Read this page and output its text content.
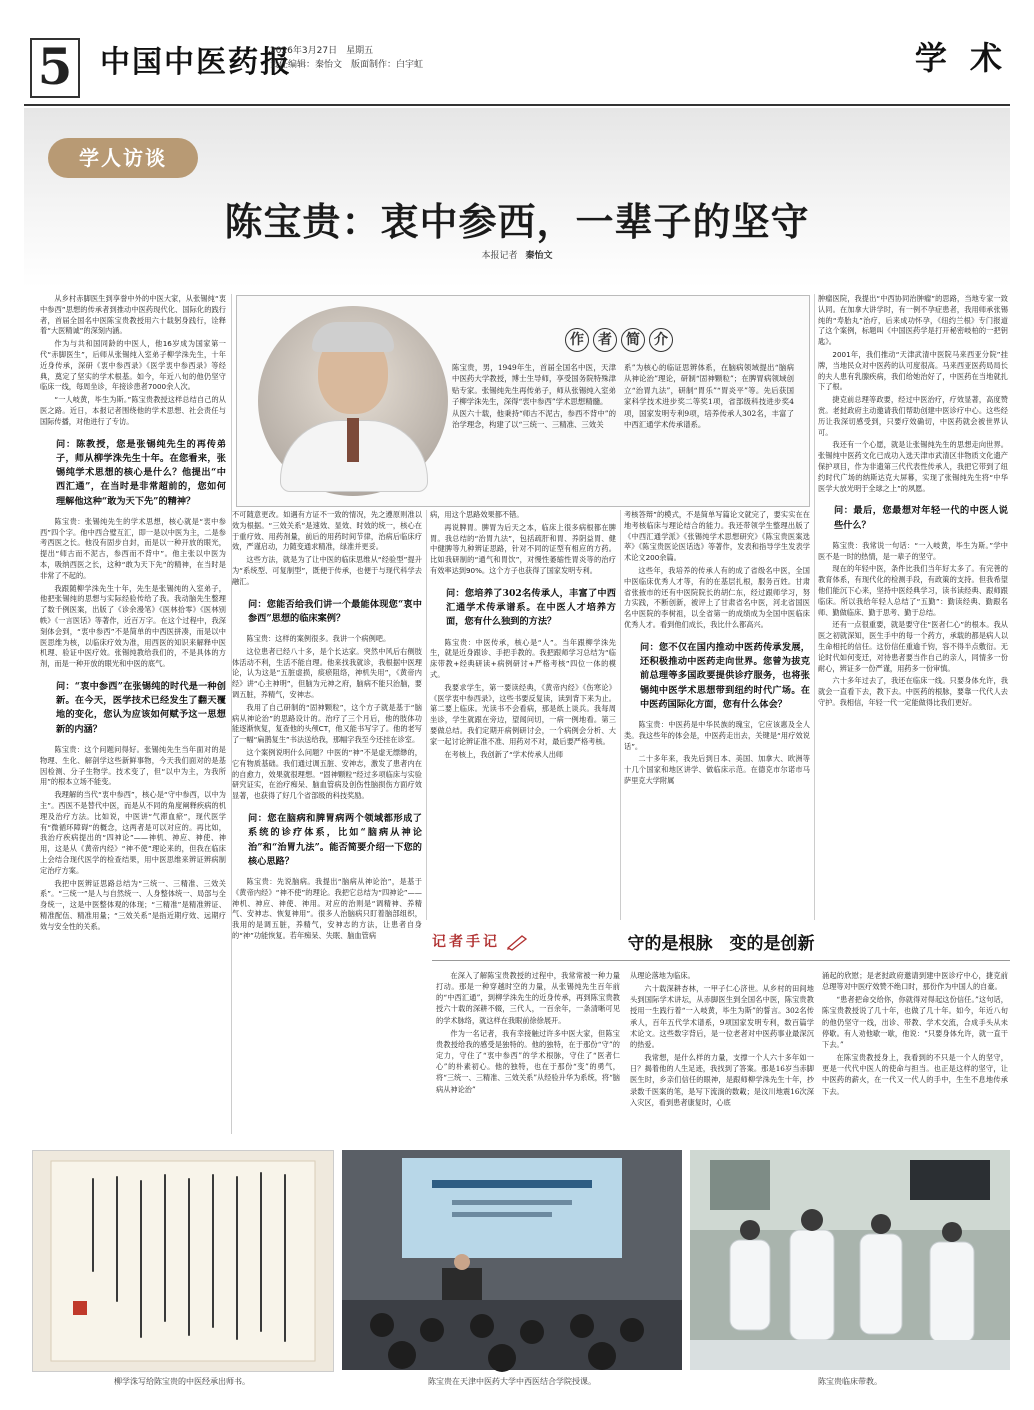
5 中国中医药报
2026年3月27日　星期五
责任编辑：秦怡文　版面制作：白宇虹	学 术
学人访谈
陈宝贵：衷中参西，一辈子的坚守
本报记者 秦怡文
作 者 简 介
陈宝贵，男，1949年生，首届全国名中医，天津中医药大学教授，博士生导师，享受国务院特殊津贴专家。张锡纯先生再传弟子，师从张锡纯入室弟子柳学洙先生，深得“衷中参西”学术思想精髓。
从医六十载，他秉持“师古不泥古，参西不背中”的治学理念，构建了以“三统一、三精准、三效关
系”为核心的临证思辨体系，在脑病领域提出“脑病从神论治”理论，研制“固神颗粒”；在脾胃病领域创立“治胃九法”，研制“胃乐”“胃炎平”等。先后获国家科学技术进步奖二等奖1项，省部级科技进步奖4项，国家发明专利9项，培养传承人302名，丰富了中西汇通学术传承谱系。

从乡村赤脚医生到享誉中外的中医大家，从张锡纯“衷中参西”思想的传承者到推动中医药现代化、国际化的践行者，首届全国名中医陈宝贵教授用六十载躬身践行，诠释着“大医精诚”的深刻内涵。

作为与共和国同龄的中医人，他16岁成为国家第一代“赤脚医生”，后师从张锡纯入室弟子柳学洙先生，十年近身传承，深研《衷中参西录》《医学衷中参西录》等经典，奠定了坚实的学术根基。如今，年近八旬的他仍坚守临床一线，每周坐诊，年接诊患者7000余人次。

“一人岐黄，毕生为斯。”陈宝贵教授这样总结自己的从医之路。近日，本报记者围绕他的学术思想、社会责任与国际传播，对他进行了专访。

问：陈教授，您是张锡纯先生的再传弟子，师从柳学洙先生十年。在您看来，张锡纯学术思想的核心是什么？他提出“中西汇通”，在当时是非常超前的，您如何理解他这种“敢为天下先”的精神？

陈宝贵：张锡纯先生的学术思想，核心就是“衷中参西”四个字。他中西合璧互汇，即一是以中医为主，二是参考西医之长。他没有固步自封，而是以一种开放的眼光，提出“师古而不泥古，参西而不背中”。他主张以中医为本，吸纳西医之长，这种“敢为天下先”的精神，在当时是非常了不起的。

我跟随柳学洙先生十年，先生是张锡纯的入室弟子，他把张锡纯的思想与实际经验传给了我。我动脑先生整理了数千例医案，出版了《诊余漫笔》《医林拾零》《医林别帙》《一言医话》等著作，近百万字。在这个过程中，我深刻体会到，“衷中参西”不是简单的中西医拼凑，而是以中医思维为核，以临床疗效为准，用西医的知识来解释中医机理、验证中医疗效。张锡纯教给我们的，不是具体的方剂，而是一种开放的眼光和中医的底气。

问：“衷中参西”在张锡纯的时代是一种创新。在今天，医学技术已经发生了翻天覆地的变化，您认为应该如何赋予这一思想新的内涵？

陈宝贵：这个问题问得好。张锡纯先生当年面对的是物理、生化、解剖学这些新鲜事物，今天我们面对的是基因检测、分子生物学。技术变了，但“以中为主，为我所用”的根本立场不能变。

我理解的当代“衷中参西”，核心是“守中参西，以中为主”。西医不是替代中医，而是从不同的角度阐释疾病的机理及治疗方法。比如说，中医讲“气滞血瘀”，现代医学有“微循环障碍”的概念，这两者是可以对应的。再比如，我治疗疾病提出的“四神论”——神机、神应、神使、神用，这是从《黄帝内经》“神不使”理论来的，但我在临床上会结合现代医学的检查结果，用中医思维来辨证辨病制定治疗方案。

我把中医辨证思路总结为“三统一、三精准、三效关系”。“三统一”是人与自然统一、人身整体统一、局部与全身统一，这是中医整体观的体现；“三精准”是精准辨证、精准配伍、精准用量；“三效关系”是指近期疗效、远期疗效与安全性的关系。

不可随意更改。如遇有方证不一致的情况，先之遵原则准以效为根据。“三效关系”是速效、显效、时效的统一，核心在于重疗效、用药剂量，前后的用药时间节律，治病后临床疗效，严谨启动，力随变通求精准，绿准并更妥。

这些方法，就是为了让中医的临床思维从“经验型”提升为“系统型、可复制型”，既便于传承，也便于与现代科学去融汇。

问：您能否给我们讲一个最能体现您“衷中参西”思想的临床案例？

陈宝贵：这样的案例很多。我讲一个病例吧。

这位患者已经八十多，是个长达家。突然中风后右侧肢体活动不利，生活不能自理。他来找我就诊，我根据中医理论，认为这是“五脏虚损，痰瘀阻络，神机失用”，《黄帝内经》讲“心主神明”，但脑为元神之府，脑病不能只治脑，要调五脏，养精气，安神志。

我用了自己研制的“固神颗粒”，这个方子就是基于“脑病从神论治”的思路设计的。治疗了三个月后，他的肢体功能逐渐恢复，复查他的头颅CT，他又能书写字了。他的老写了一幅“扁鹊复生”书法送给我，那幅字我至今还挂在诊室。

这个案例说明什么问题？中医的“神”不是虚无缥缈的，它有物质基础。我们通过调五脏、安神志，激发了患者内在的自愈力，效果就很理想。“固神颗粒”经过多项临床与实验研究证实，在治疗痴呆、脑血管病及创伤性脑损伤方面疗效显著，也获得了好几个省部级的科技奖励。

问：您在脑病和脾胃病两个领域都形成了系统的诊疗体系，比如“脑病从神论治”和“治胃九法”。能否简要介绍一下您的核心思路？

陈宝贵：先说脑病。我提出“脑病从神论治”，是基于《黄帝内经》“神不使”的理论。我把它总结为“四神论”——神机、神应、神使、神用。对应的治则是“调精神、养精气、安神志、恢复神用”。很多人治脑病只盯着脑部组织，我用的是调五脏，养精气，安神志的方法，让患者自身的“神”功能恢复。若年痴呆、失眠、脑血管病

病，用这个思路效果都不错。

再说脾胃。脾胃为后天之本，临床上很多病根都在脾胃。我总结的“治胃九法”，包括疏肝和胃、养阴益胃、健中健脾等九种辨证思路，针对不同的证型有相应的方药。比如我研制的“通气和胃饮”，对慢性萎缩性胃炎等的治疗有效率达到90%。这个方子也获得了国家发明专利。

问：您培养了302名传承人，丰富了中西汇通学术传承谱系。在中医人才培养方面，您有什么独到的方法？

陈宝贵：中医传承，核心是“人”。当年跟柳学洙先生，就是近身跟诊、手把手教的。我把跟师学习总结为“临床带教+经典研读+病例研讨+严格考核”四位一体的模式。

我要求学生，第一要读经典，《黄帝内经》《伤寒论》《医学衷中参西录》，这些书要反复读，读到背下来为止。第二要上临床。光读书不会看病，那是纸上谈兵。我每周坐诊，学生就跟在旁边，望闻问切，一病一例地看。第三要做总结。我们定期开病例研讨会，一个病例会分析、大家一起讨论辨证准不准、用药对不对，最后要严格考核。

在考核上，我创新了“学术传承人出师

考核答辩”的模式，不是简单写篇论文就完了，要实实在在地考核临床与理论结合的能力。我还带领学生整理出版了《中西汇通学派》《张锡纯学术思想研究》《陈宝贵医案选萃》《陈宝贵医论医话选》等著作，发表和指导学生发表学术论文200余篇。

这些年，我培养的传承人有的成了省级名中医，全国中医临床优秀人才等，有的在基层扎根，服务百姓。甘肃省张掖市的还有中医院院长的胡仁东，经过跟师学习，努力实践，不断创新，被评上了甘肃省名中医，河北省国医名中医院的李树祖，以全省第一的成绩成为全国中医临床优秀人才。看到他们成长，我比什么都高兴。

问：您不仅在国内推动中医药传承发展，还积极推动中医药走向世界。您曾为拔克前总理等多国政要提供诊疗服务，也将张锡纯中医学术思想带到纽约时代广场。在中医药国际化方面，您有什么体会？

陈宝贵：中医药是中华民族的瑰宝，它应该惠及全人类。我这些年的体会是，中医药走出去，关键是“用疗效说话”。

二十多年来，我先后到日本、美国、加拿大、欧洲等十几个国家和地区讲学、做临床示范。在德克市尔诺市马萨里克大学附属

肿瘤医院，我提出“中西协同治肿瘤”的思路，当地专家一致认同。在加拿大讲学时，有一例不孕症患者，我用师承张锡纯的“寿胎丸”治疗，后来成功怀孕，《纽约兰根》专门报道了这个案例，标题叫《中国医药学是打开秘密岐柏的一把钥匙》。

2001年，我们推动“天津武清中医院马来西亚分院”挂牌，当地民众对中医药的认可度很高。马来西亚医药局局长的夫人患有乳腺疾病，我们给她治好了，中医药在当地就扎下了根。

捷克前总理等政要，经过中医治疗，疗效显著，高度赞赏。老挝政府主动邀请我们帮助创建中医诊疗中心。这些经历让我深切感受到，只要疗效确切，中医药就会被世界认可。

我还有一个心愿，就是让张锡纯先生的思想走向世界。张锡纯中医药文化已成功入选天津市武清区非物质文化遗产保护项目，作为非遗第三代代表性传承人，我把它带到了纽约时代广场的纳斯达克大屏幕，实现了张锡纯先生将“中华医学大放光明于全球之上”的夙愿。

问：最后，您最想对年轻一代的中医人说些什么？

陈宝贵：我常说一句话：“一入岐黄，毕生为斯。”学中医不是一时的热情，是一辈子的坚守。

现在的年轻中医，条件比我们当年好太多了。有完善的教育体系，有现代化的检测手段，有政策的支持。但我希望他们能沉下心来，坚持中医经典学习，读书读经典、跟师跟临床。所以我给年轻人总结了“五勤”：勤读经典、勤跟名师、勤做临床、勤于思考、勤于总结。

还有一点很重要，就是要守住“医者仁心”的根本。我从医之初就深知，医生手中的每一个药方，承载的都是病人以生命相托的信任。这份信任重逾千钧，容不得半点敷衍。无论时代如何变迁，对待患者要当作自己的亲人，同情多一份耐心，辨证多一份严谨，用药多一份审慎。

六十多年过去了，我还在临床一线。只要身体允许，我就会一直看下去，教下去。中医药的根脉，要靠一代代人去守护。我相信，年轻一代一定能做得比我们更好。

记者手记	守的是根脉　变的是创新

在深入了解陈宝贵教授的过程中，我常常被一种力量打动。那是一种穿越时空的力量，从张锡纯先生百年前的“中西汇通”，到柳学洙先生的近身传承，再到陈宝贵教授六十载的深耕不辍，三代人，一百余年，一条清晰可见的学术脉络，就这样在我眼前徐徐展开。

作为一名记者，我有幸接触过许多中医大家，但陈宝贵教授给我的感受是独特的。他的独特，在于那份“守”的定力，守住了“衷中参西”的学术根脉，守住了“医者仁心”的朴素初心。他的独特，也在于那份“变”的勇气，将“三统一、三精准、三效关系”从经验升华为系统，将“脑病从神论治”

从理论落地为临床。

六十载深耕杏林，一甲子仁心济世。从乡村的田间地头到国际学术讲坛，从赤脚医生到全国名中医，陈宝贵教授用一生践行着“一入岐黄，毕生为斯”的誓言。302名传承人，百年五代学术谱系，9项国家发明专利，数百篇学术论文。这些数字背后，是一位老者对中医药事业最深沉的热爱。

我常想，是什么样的力量，支撑一个人六十多年如一日？揭着他的人生足迹，我找到了答案。那是16岁当赤脚医生时，乡亲们信任的眼神，是跟师柳学洙先生十年，抄录数千医案的笔，是写下流淌的数載；是汶川地震16次深入灾区，看到患者康复时，心底

涌起的欣慰；是老挝政府邀请到建中医诊疗中心，捷克前总理等对中医疗效赞不绝口时，那份作为中国人的自豪。

“患者把命交给你，你就得对得起这份信任。”这句话，陈宝贵教授说了几十年，也做了几十年。如今，年近八旬的他仍坚守一线，出诊、带教、学术交流，合成手头从未停歇。有人劝他歇一歇，他说：“只要身体允许，就一直干下去。”

在陈宝贵教授身上，我看到的不只是一个人的坚守，更是一代代中医人的使命与担当。也正是这样的坚守，让中医药的薪火，在一代又一代人的手中，生生不息地传承下去。

柳学洙写给陈宝贵的中医经承出师书。	陈宝贵在天津中医药大学中西医结合学院授课。	陈宝贵临床带教。
